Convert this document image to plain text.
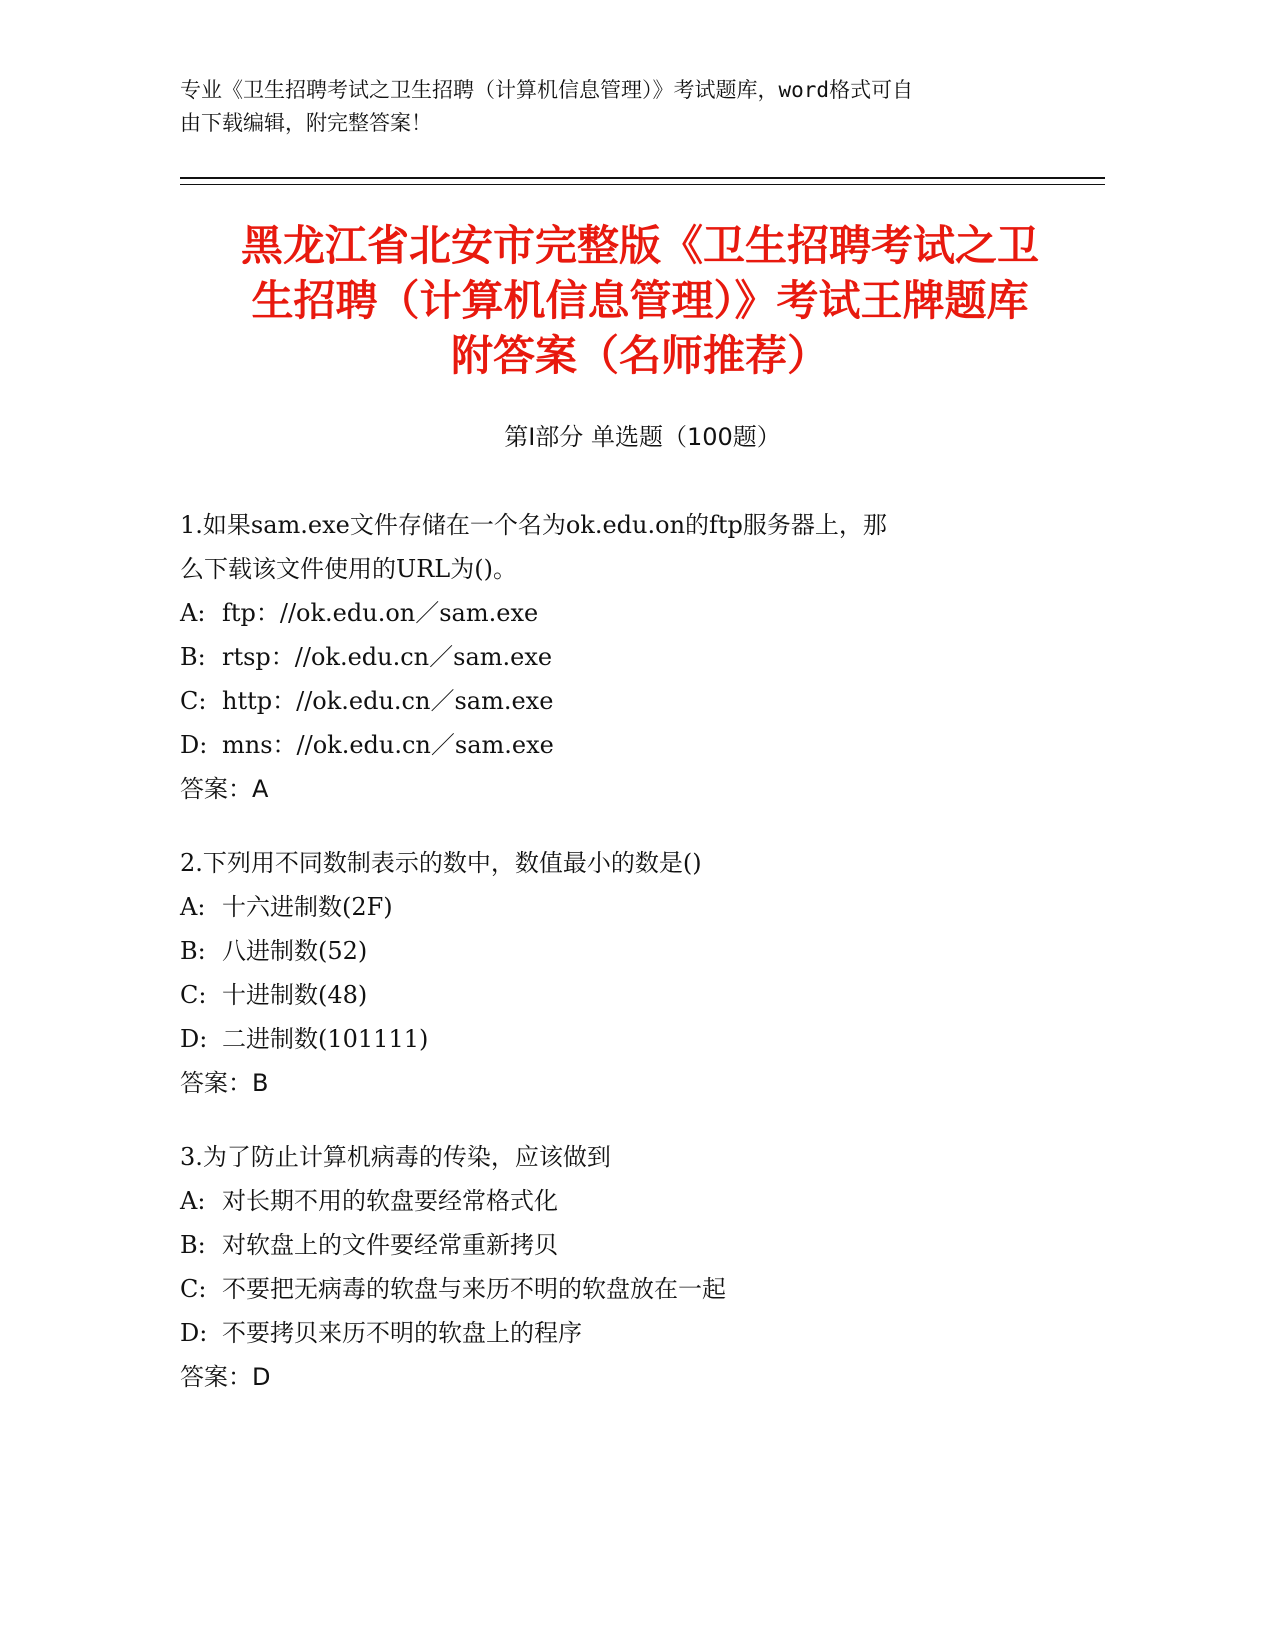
专业《卫生招聘考试之卫生招聘（计算机信息管理）》考试题库，word格式可自
由下载编辑，附完整答案！
黑龙江省北安市完整版《卫生招聘考试之卫
生招聘（计算机信息管理）》考试王牌题库
附答案（名师推荐）
第Ⅰ部分 单选题（100题）
1.如果sam.exe文件存储在一个名为ok.edu.on的ftp服务器上，那
么下载该文件使用的URL为()。
A: ftp：//ok.edu.on／sam.exe
B: rtsp：//ok.edu.cn／sam.exe
C: http：//ok.edu.cn／sam.exe
D: mns：//ok.edu.cn／sam.exe
答案：A
2.下列用不同数制表示的数中，数值最小的数是()
A: 十六进制数(2F)
B: 八进制数(52)
C: 十进制数(48)
D: 二进制数(101111)
答案：B
3.为了防止计算机病毒的传染，应该做到
A: 对长期不用的软盘要经常格式化
B: 对软盘上的文件要经常重新拷贝
C: 不要把无病毒的软盘与来历不明的软盘放在一起
D: 不要拷贝来历不明的软盘上的程序
答案：D
